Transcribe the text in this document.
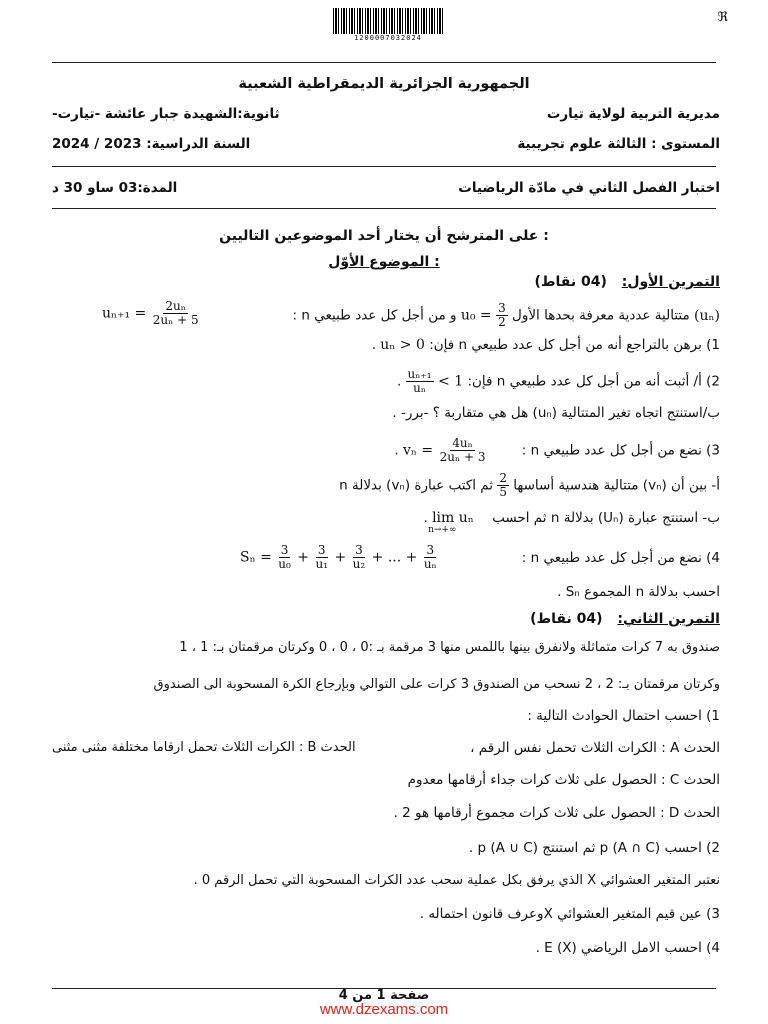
1200007032024
ℜ
الجمهورية الجزائرية الديمقراطية الشعبية
مديرية التربية لولاية تيارت
ثانوية:الشهيدة جبار عائشة -تيارت-
المستوى : الثالثة علوم تجريبية
السنة الدراسية: 2023 / 2024
اختبار الفصل الثاني في مادّة الرياضيات
المدة:03 ساو 30 د
على المترشح أن يختار أحد الموضوعين التاليين :
الموضوع الأوّل :
التمرين الأول: (04 نقاط)
(uₙ) متتالية عددية معرفة بحدها الأول $u_0 = \frac{3}{2}$
و من أجل كل عدد طبيعي n :
$u_{n+1} = \frac{\text{2uₙ}}{\text{2uₙ + 5}}$
1) برهن بالتراجع أنه من أجل كل عدد طبيعي n فإن: uₙ > 0 .
2) أ/ أثبت أنه من أجل كل عدد طبيعي n فإن:
$\frac{\text{uₙ₊₁}}{\text{uₙ}} < 1$ .
ب/استنتج اتجاه تغير المتتالية (uₙ) هل هي متقاربة ؟ -برر- .
3) نضع من أجل كل عدد طبيعي n : $v_n = \frac{\text{4uₙ}}{\text{2uₙ + 3}}$
.
أ- بين أن (vₙ) متتالية هندسية أساسها
$\frac{2}{5}$
ثم اكتب عبارة (vₙ) بدلالة n
ب- استنتج عبارة (Uₙ) بدلالة n ثم احسب lim uₙ
n→+∞
.
4) نضع من أجل كل عدد طبيعي n :
$S_n = \frac{3}{\text{u₀}} + \frac{3}{\text{u₁}} + \frac{3}{\text{u₂}}$ + ... + $\frac{3}{\text{uₙ}}$
احسب بدلالة n المجموع Sₙ .
التمرين الثاني: (04 نقاط)
صندوق به 7 كرات متماثلة ولانفرق بينها باللمس منها 3 مرقمة بـ :0 ، 0 ، 0 وكرتان مرقمتان بـ: 1 ، 1
وكرتان مرقمتان بـ: 2 ، 2 نسحب من الصندوق 3 كرات على التوالي وبإرجاع الكرة المسحوبة الى الصندوق
1) احسب احتمال الحوادث التالية :
الحدث A : الكرات الثلاث تحمل نفس الرقم ،
الحدث B : الكرات الثلاث تحمل ارقاما مختلفة مثنى مثنى
الحدث C : الحصول على ثلاث كرات جداء أرقامها معدوم
الحدث D : الحصول على ثلاث كرات مجموع أرقامها هو 2 .
2) احسب p (A ∩ C) ثم استنتج p (A ∪ C) .
نعتبر المتغير العشوائي X الذي يرفق بكل عملية سحب عدد الكرات المسحوبة التي تحمل الرقم 0 .
3) عين قيم المتغير العشوائي Xوعرف قانون احتماله .
4) احسب الامل الرياضي E (X) .
صفحة 1 من 4
www.dzexams.com
